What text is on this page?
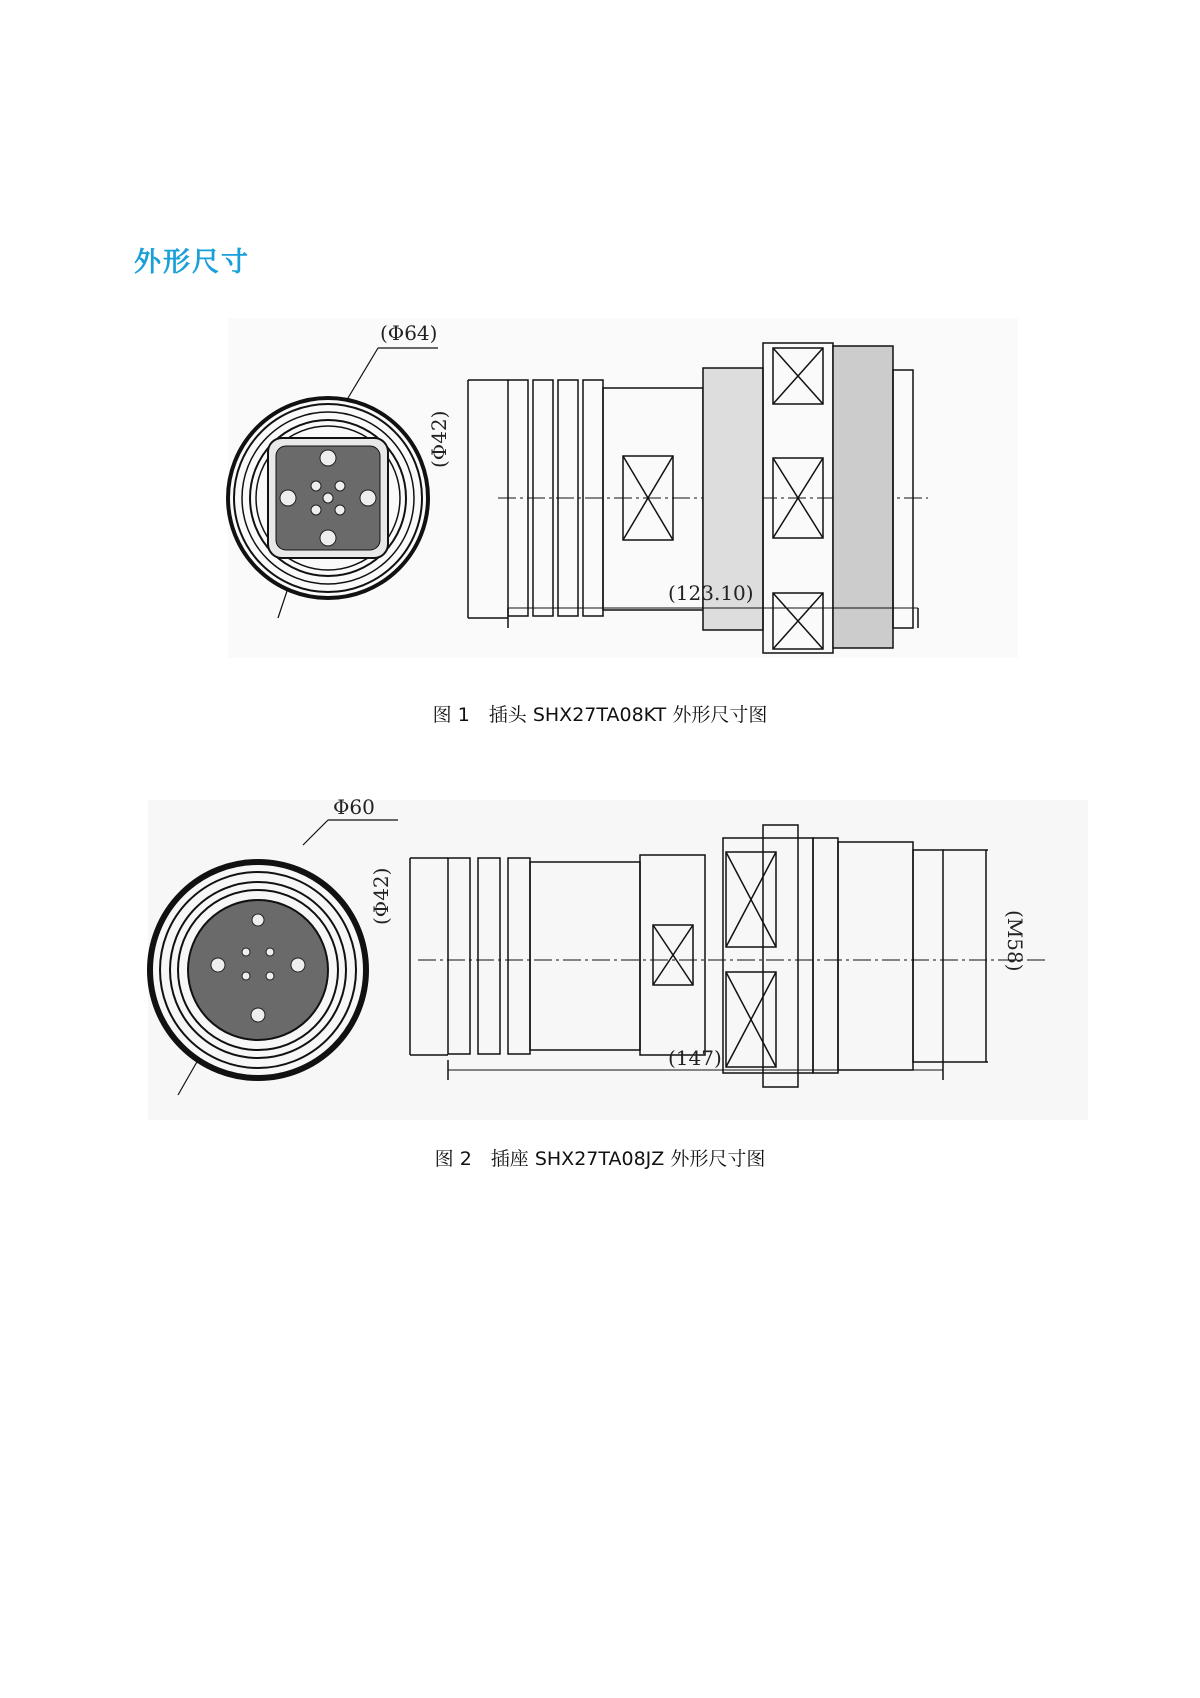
外形尺寸
(Φ64)
(Φ42)
(123.10)
图 1　插头 SHX27TA08KT 外形尺寸图
Φ60
(Φ42)
(M58)
(147)
图 2　插座 SHX27TA08JZ 外形尺寸图
